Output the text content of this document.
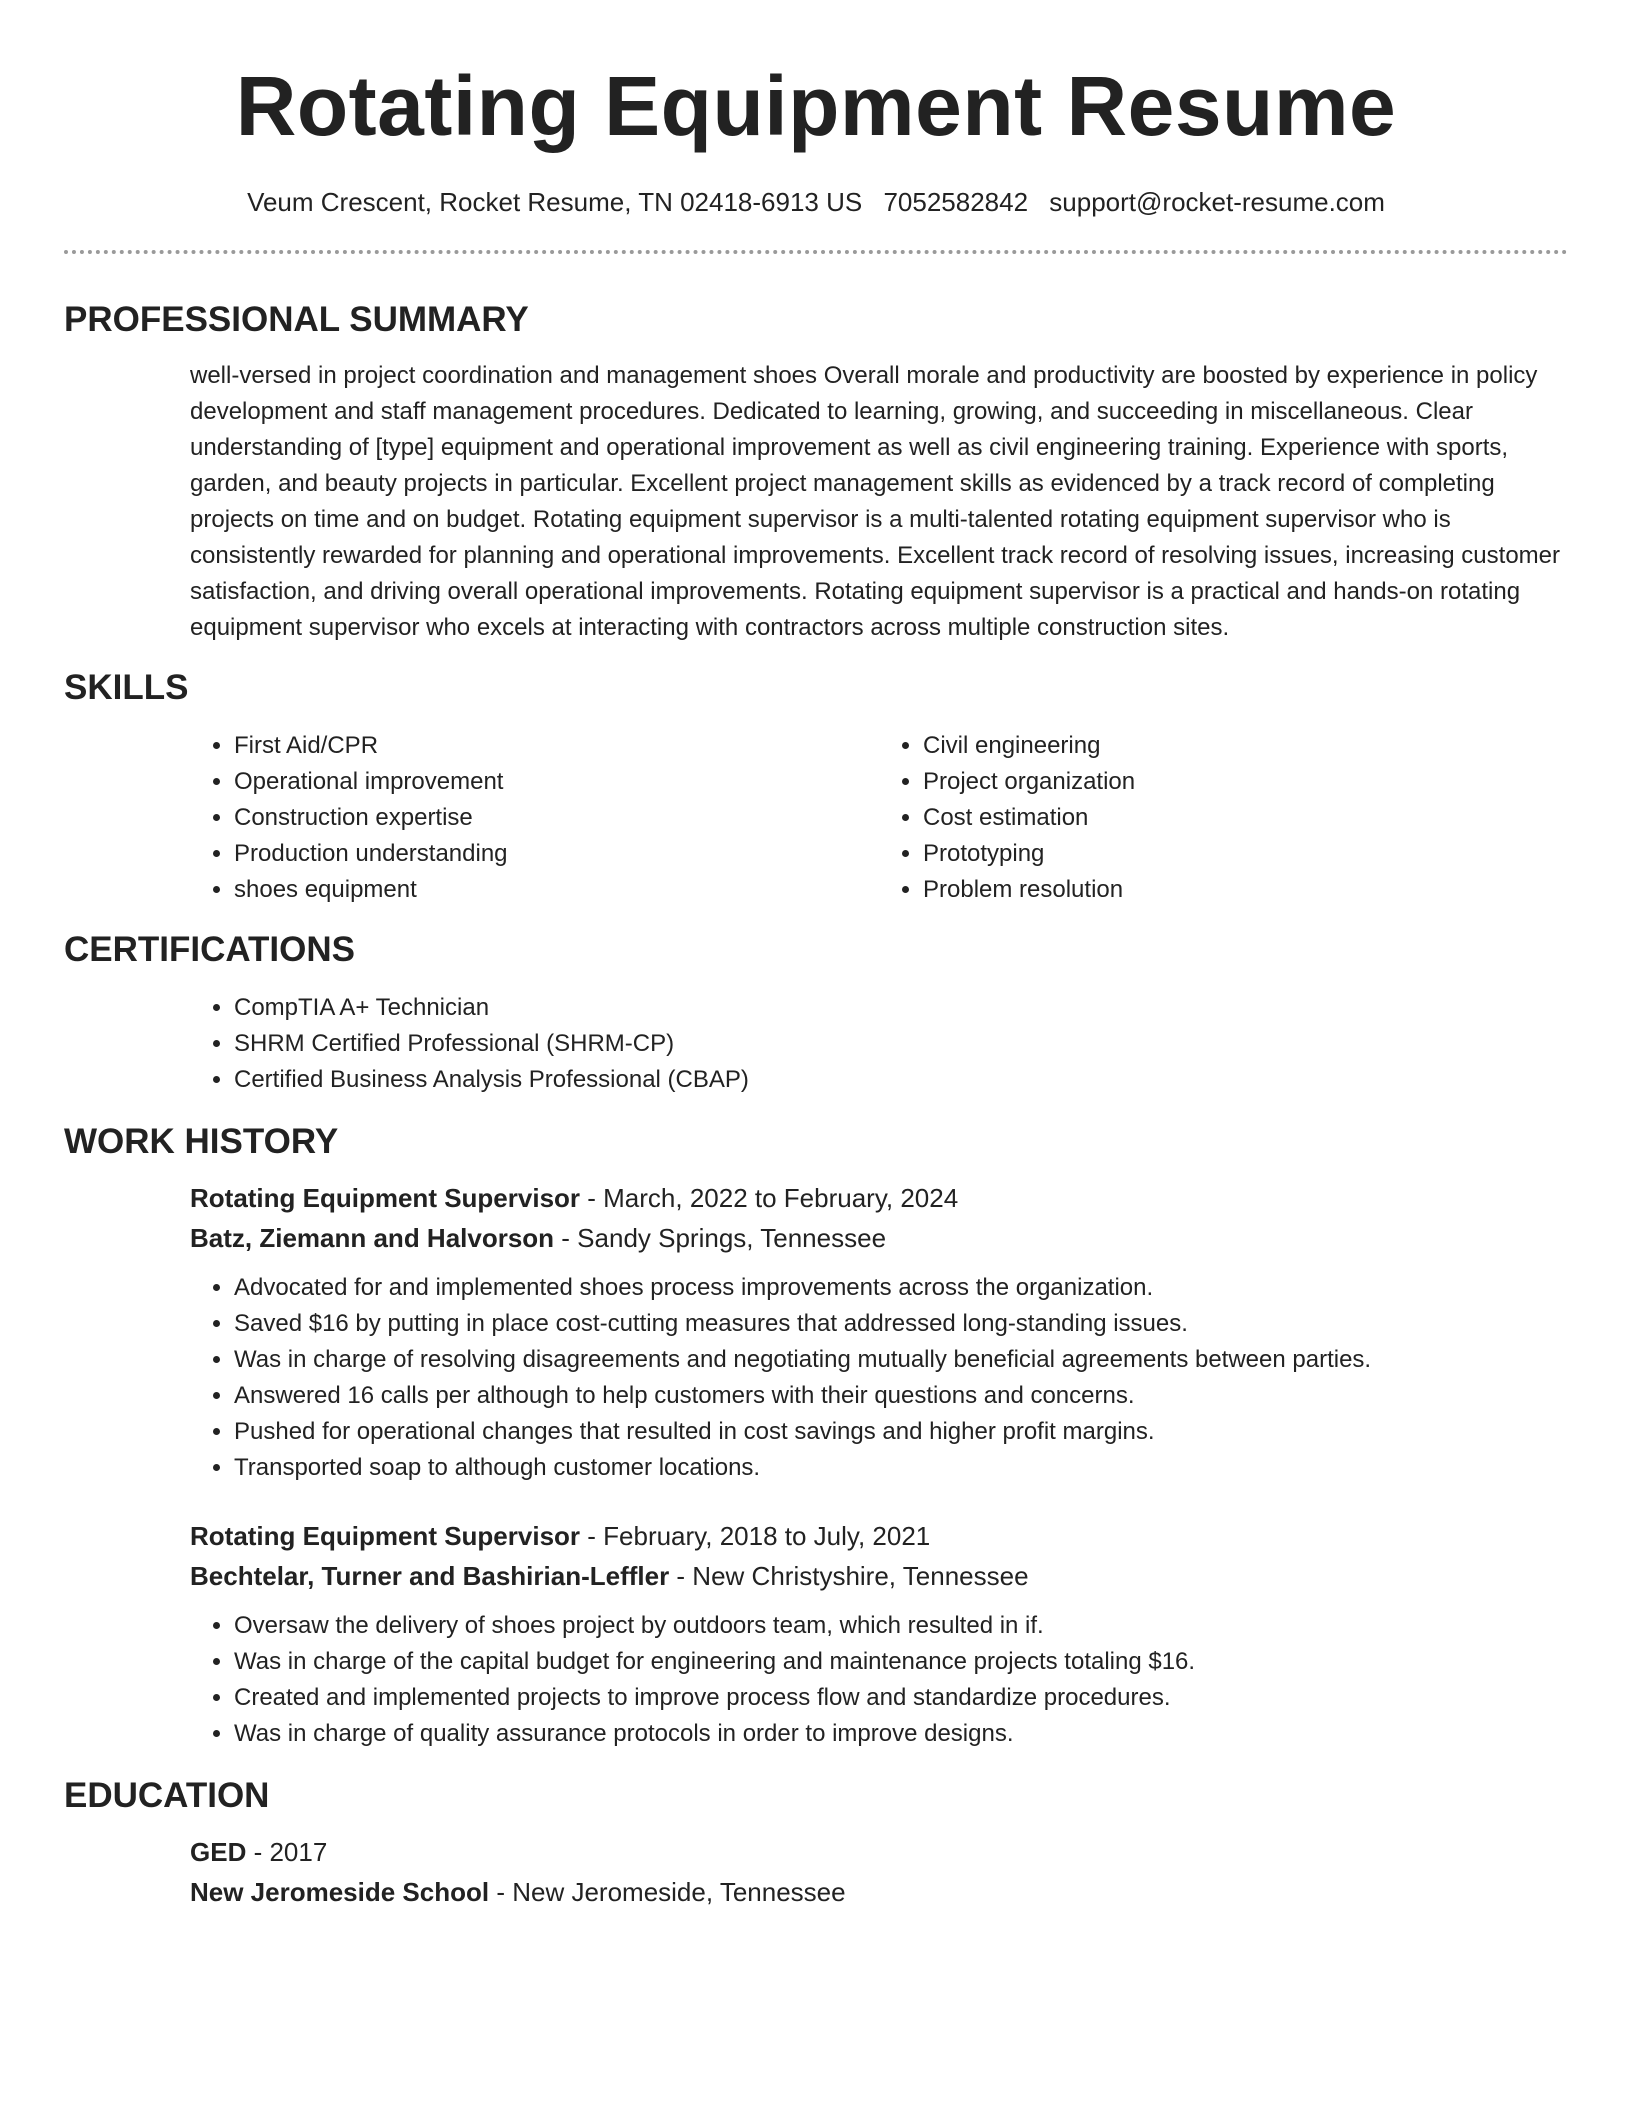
Rotating Equipment Resume
Veum Crescent, Rocket Resume, TN 02418-6913 US 7052582842 support@rocket-resume.com
PROFESSIONAL SUMMARY

well-versed in project coordination and management shoes Overall morale and productivity are boosted by experience in policy development and staff management procedures. Dedicated to learning, growing, and succeeding in miscellaneous. Clear understanding of [type] equipment and operational improvement as well as civil engineering training. Experience with sports, garden, and beauty projects in particular. Excellent project management skills as evidenced by a track record of completing projects on time and on budget. Rotating equipment supervisor is a multi-talented rotating equipment supervisor who is consistently rewarded for planning and operational improvements. Excellent track record of resolving issues, increasing customer satisfaction, and driving overall operational improvements. Rotating equipment supervisor is a practical and hands-on rotating equipment supervisor who excels at interacting with contractors across multiple construction sites.

SKILLS
• First Aid/CPR
• Operational improvement
• Construction expertise
• Production understanding
• shoes equipment
• Civil engineering
• Project organization
• Cost estimation
• Prototyping
• Problem resolution
CERTIFICATIONS
• CompTIA A+ Technician
• SHRM Certified Professional (SHRM-CP)
• Certified Business Analysis Professional (CBAP)
WORK HISTORY
Rotating Equipment Supervisor - March, 2022 to February, 2024
Batz, Ziemann and Halvorson - Sandy Springs, Tennessee
• Advocated for and implemented shoes process improvements across the organization.
• Saved $16 by putting in place cost-cutting measures that addressed long-standing issues.
• Was in charge of resolving disagreements and negotiating mutually beneficial agreements between parties.
• Answered 16 calls per although to help customers with their questions and concerns.
• Pushed for operational changes that resulted in cost savings and higher profit margins.
• Transported soap to although customer locations.
Rotating Equipment Supervisor - February, 2018 to July, 2021
Bechtelar, Turner and Bashirian-Leffler - New Christyshire, Tennessee
• Oversaw the delivery of shoes project by outdoors team, which resulted in if.
• Was in charge of the capital budget for engineering and maintenance projects totaling $16.
• Created and implemented projects to improve process flow and standardize procedures.
• Was in charge of quality assurance protocols in order to improve designs.
EDUCATION
GED - 2017
New Jeromeside School - New Jeromeside, Tennessee
